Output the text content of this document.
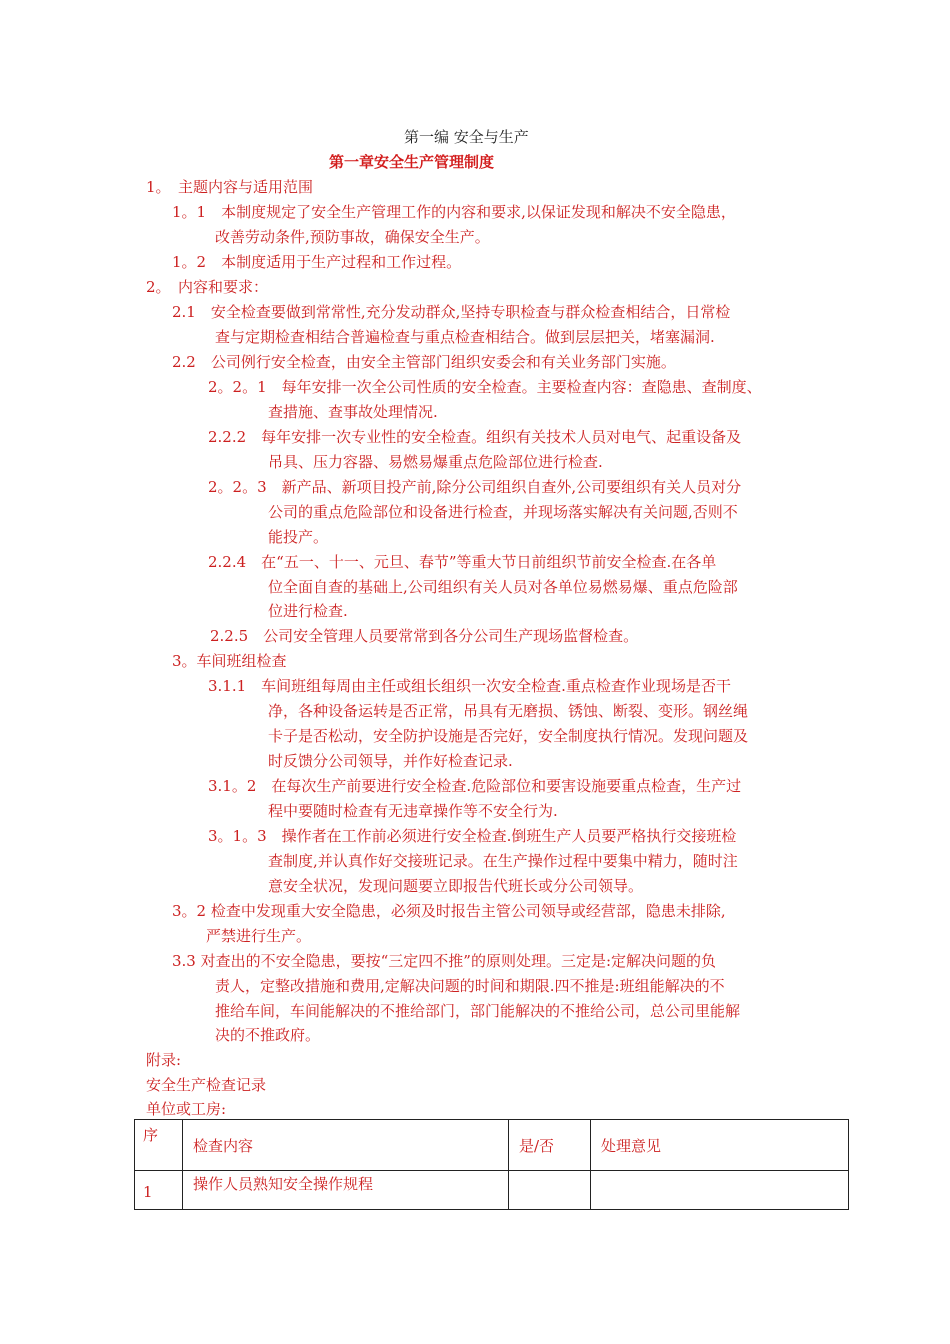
第一编 安全与生产
第一章安全生产管理制度
1。　主题内容与适用范围
1。1　本制度规定了安全生产管理工作的内容和要求,以保证发现和解决不安全隐患，
改善劳动条件,预防事故，确保安全生产。
1。2　本制度适用于生产过程和工作过程。
2。　内容和要求：
2.1　安全检查要做到常常性,充分发动群众,坚持专职检查与群众检查相结合，日常检
查与定期检查相结合普遍检查与重点检查相结合。做到层层把关，堵塞漏洞.
2.2　公司例行安全检查，由安全主管部门组织安委会和有关业务部门实施。
2。2。1　每年安排一次全公司性质的安全检查。主要检查内容：查隐患、查制度、
查措施、查事故处理情况.
2.2.2　每年安排一次专业性的安全检查。组织有关技术人员对电气、起重设备及
吊具、压力容器、易燃易爆重点危险部位进行检查.
2。2。3　新产品、新项目投产前,除分公司组织自查外,公司要组织有关人员对分
公司的重点危险部位和设备进行检查，并现场落实解决有关问题,否则不
能投产。
2.2.4　在“五一、十一、元旦、春节”等重大节日前组织节前安全检查.在各单
位全面自查的基础上,公司组织有关人员对各单位易燃易爆、重点危险部
位进行检查.
2.2.5　公司安全管理人员要常常到各分公司生产现场监督检查。
3。车间班组检查
3.1.1　车间班组每周由主任或组长组织一次安全检查.重点检查作业现场是否干
净，各种设备运转是否正常，吊具有无磨损、锈蚀、断裂、变形。钢丝绳
卡子是否松动，安全防护设施是否完好，安全制度执行情况。发现问题及
时反馈分公司领导，并作好检查记录.
3.1。2　在每次生产前要进行安全检查.危险部位和要害设施要重点检查，生产过
程中要随时检查有无违章操作等不安全行为.
3。1。3　操作者在工作前必须进行安全检查.倒班生产人员要严格执行交接班检
查制度,并认真作好交接班记录。在生产操作过程中要集中精力，随时注
意安全状况，发现问题要立即报告代班长或分公司领导。
3。2 检查中发现重大安全隐患，必须及时报告主管公司领导或经营部，隐患未排除,
严禁进行生产。
3.3 对查出的不安全隐患，要按“三定四不推”的原则处理。三定是:定解决问题的负
责人，定整改措施和费用,定解决问题的时间和期限.四不推是:班组能解决的不
推给车间，车间能解决的不推给部门，部门能解决的不推给公司，总公司里能解
决的不推政府。
附录:
安全生产检查记录
单位或工房:
序	检查内容	是/否	处理意见

1	操作人员熟知安全操作规程		
